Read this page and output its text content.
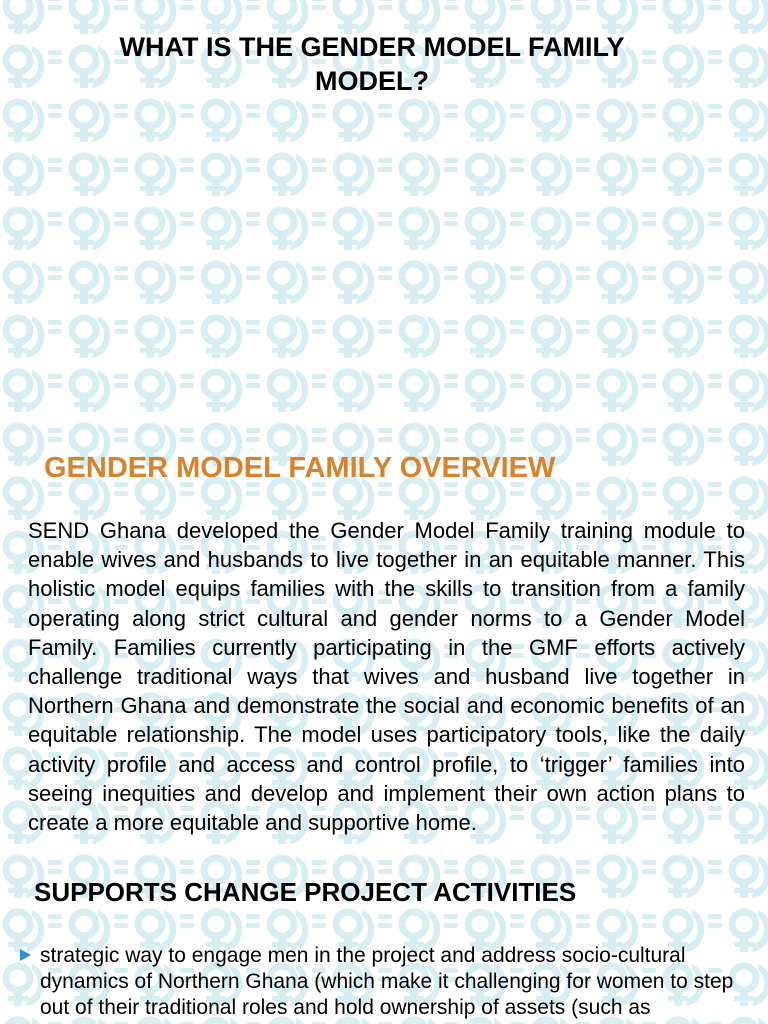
WHAT IS THE GENDER MODEL FAMILY MODEL?
GENDER MODEL FAMILY OVERVIEW
SEND Ghana developed the Gender Model Family training module to enable wives and husbands to live together in an equitable manner. This holistic model equips families with the skills to transition from a family operating along strict cultural and gender norms to a Gender Model Family. Families currently participating in the GMF efforts actively challenge traditional ways that wives and husband live together in Northern Ghana and demonstrate the social and economic benefits of an equitable relationship. The model uses participatory tools, like the daily activity profile and access and control profile, to ‘trigger’ families into seeing inequities and develop and implement their own action plans to create a more equitable and supportive home.
SUPPORTS CHANGE PROJECT ACTIVITIES
strategic way to engage men in the project and address socio-cultural dynamics of Northern Ghana (which make it challenging for women to step out of their traditional roles and hold ownership of assets (such as
